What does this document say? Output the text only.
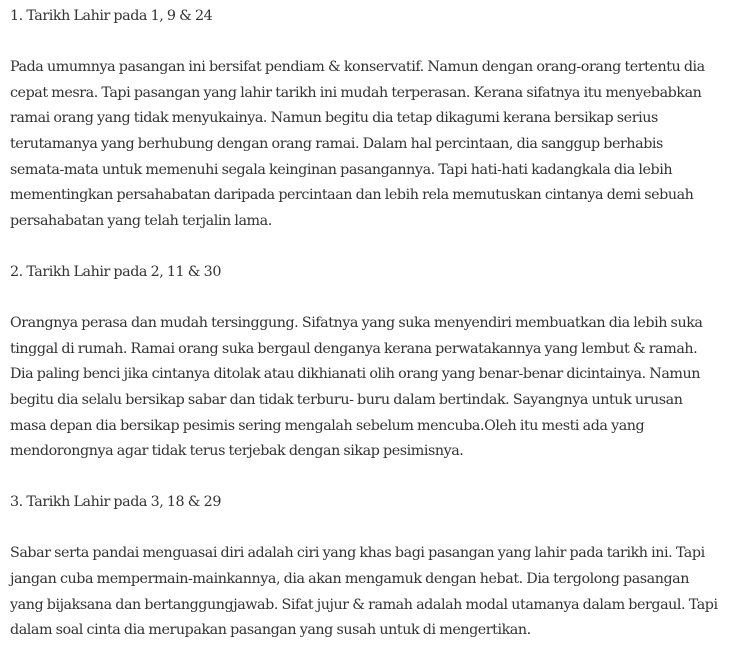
1. Tarikh Lahir pada 1, 9 & 24

Pada umumnya pasangan ini bersifat pendiam & konservatif. Namun dengan orang-orang tertentu dia
cepat mesra. Tapi pasangan yang lahir tarikh ini mudah terperasan. Kerana sifatnya itu menyebabkan
ramai orang yang tidak menyukainya. Namun begitu dia tetap dikagumi kerana bersikap serius
terutamanya yang berhubung dengan orang ramai. Dalam hal percintaan, dia sanggup berhabis
semata-mata untuk memenuhi segala keinginan pasangannya. Tapi hati-hati kadangkala dia lebih
mementingkan persahabatan daripada percintaan dan lebih rela memutuskan cintanya demi sebuah
persahabatan yang telah terjalin lama.

2. Tarikh Lahir pada 2, 11 & 30

Orangnya perasa dan mudah tersinggung. Sifatnya yang suka menyendiri membuatkan dia lebih suka
tinggal di rumah. Ramai orang suka bergaul denganya kerana perwatakannya yang lembut & ramah.
Dia paling benci jika cintanya ditolak atau dikhianati olih orang yang benar-benar dicintainya. Namun
begitu dia selalu bersikap sabar dan tidak terburu- buru dalam bertindak. Sayangnya untuk urusan
masa depan dia bersikap pesimis sering mengalah sebelum mencuba.Oleh itu mesti ada yang
mendorongnya agar tidak terus terjebak dengan sikap pesimisnya.

3. Tarikh Lahir pada 3, 18 & 29

Sabar serta pandai menguasai diri adalah ciri yang khas bagi pasangan yang lahir pada tarikh ini. Tapi
jangan cuba mempermain-mainkannya, dia akan mengamuk dengan hebat. Dia tergolong pasangan
yang bijaksana dan bertanggungjawab. Sifat jujur & ramah adalah modal utamanya dalam bergaul. Tapi
dalam soal cinta dia merupakan pasangan yang susah untuk di mengertikan.
